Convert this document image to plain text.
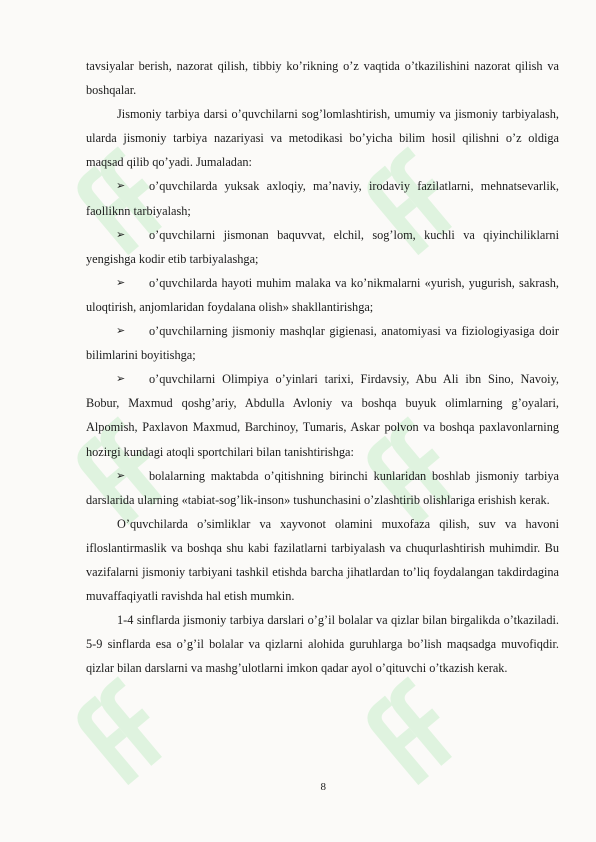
tavsiyalar berish, nazorat qilish, tibbiy ko’rikning o’z vaqtida o’tkazilishini nazorat qilish va boshqalar.

Jismoniy tarbiya darsi o’quvchilarni sog’lomlashtirish, umumiy va jismoniy tarbiyalash, ularda jismoniy tarbiya nazariyasi va metodikasi bo’yicha bilim hosil qilishni o’z oldiga maqsad qilib qo’yadi. Jumaladan:

➢	o’quvchilarda yuksak axloqiy, ma’naviy, irodaviy fazilatlarni, mehnatsevarlik, faolliknn tarbiyalash;

➢	o’quvchilarni jismonan baquvvat, elchil, sog’lom, kuchli va qiyinchiliklarni yengishga kodir etib tarbiyalashga;

➢	o’quvchilarda hayoti muhim malaka va ko’nikmalarni «yurish, yugurish, sakrash, uloqtirish, anjomlaridan foydalana olish» shakllantirishga;

➢	o’quvchilarning jismoniy mashqlar gigienasi, anatomiyasi va fiziologiyasiga doir bilimlarini boyitishga;

➢	o’quvchilarni Olimpiya o’yinlari tarixi, Firdavsiy, Abu Ali ibn Sino, Navoiy, Bobur, Maxmud qoshg’ariy, Abdulla Avloniy va boshqa buyuk olimlarning g’oyalari, Alpomish, Paxlavon Maxmud, Barchinoy, Tumaris, Askar polvon va boshqa paxlavonlarning hozirgi kundagi atoqli sportchilari bilan tanishtirishga:

➢	bolalarning maktabda o’qitishning birinchi kunlaridan boshlab jismoniy tarbiya darslarida ularning «tabiat-sog’lik-inson» tushunchasini o’zlashtirib olishlariga erishish kerak.

O’quvchilarda o’simliklar va xayvonot olamini muxofaza qilish, suv va havoni ifloslantirmaslik va boshqa shu kabi fazilatlarni tarbiyalash va chuqurlashtirish muhimdir. Bu vazifalarni jismoniy tarbiyani tashkil etishda barcha jihatlardan to’liq foydalangan takdirdagina muvaffaqiyatli ravishda hal etish mumkin.

1-4 sinflarda jismoniy tarbiya darslari o’g’il bolalar va qizlar bilan birgalikda o’tkaziladi. 5-9 sinflarda esa o’g’il bolalar va qizlarni alohida guruhlarga bo’lish maqsadga muvofiqdir. qizlar bilan darslarni va mashg’ulotlarni imkon qadar ayol o’qituvchi o’tkazish kerak.

8
